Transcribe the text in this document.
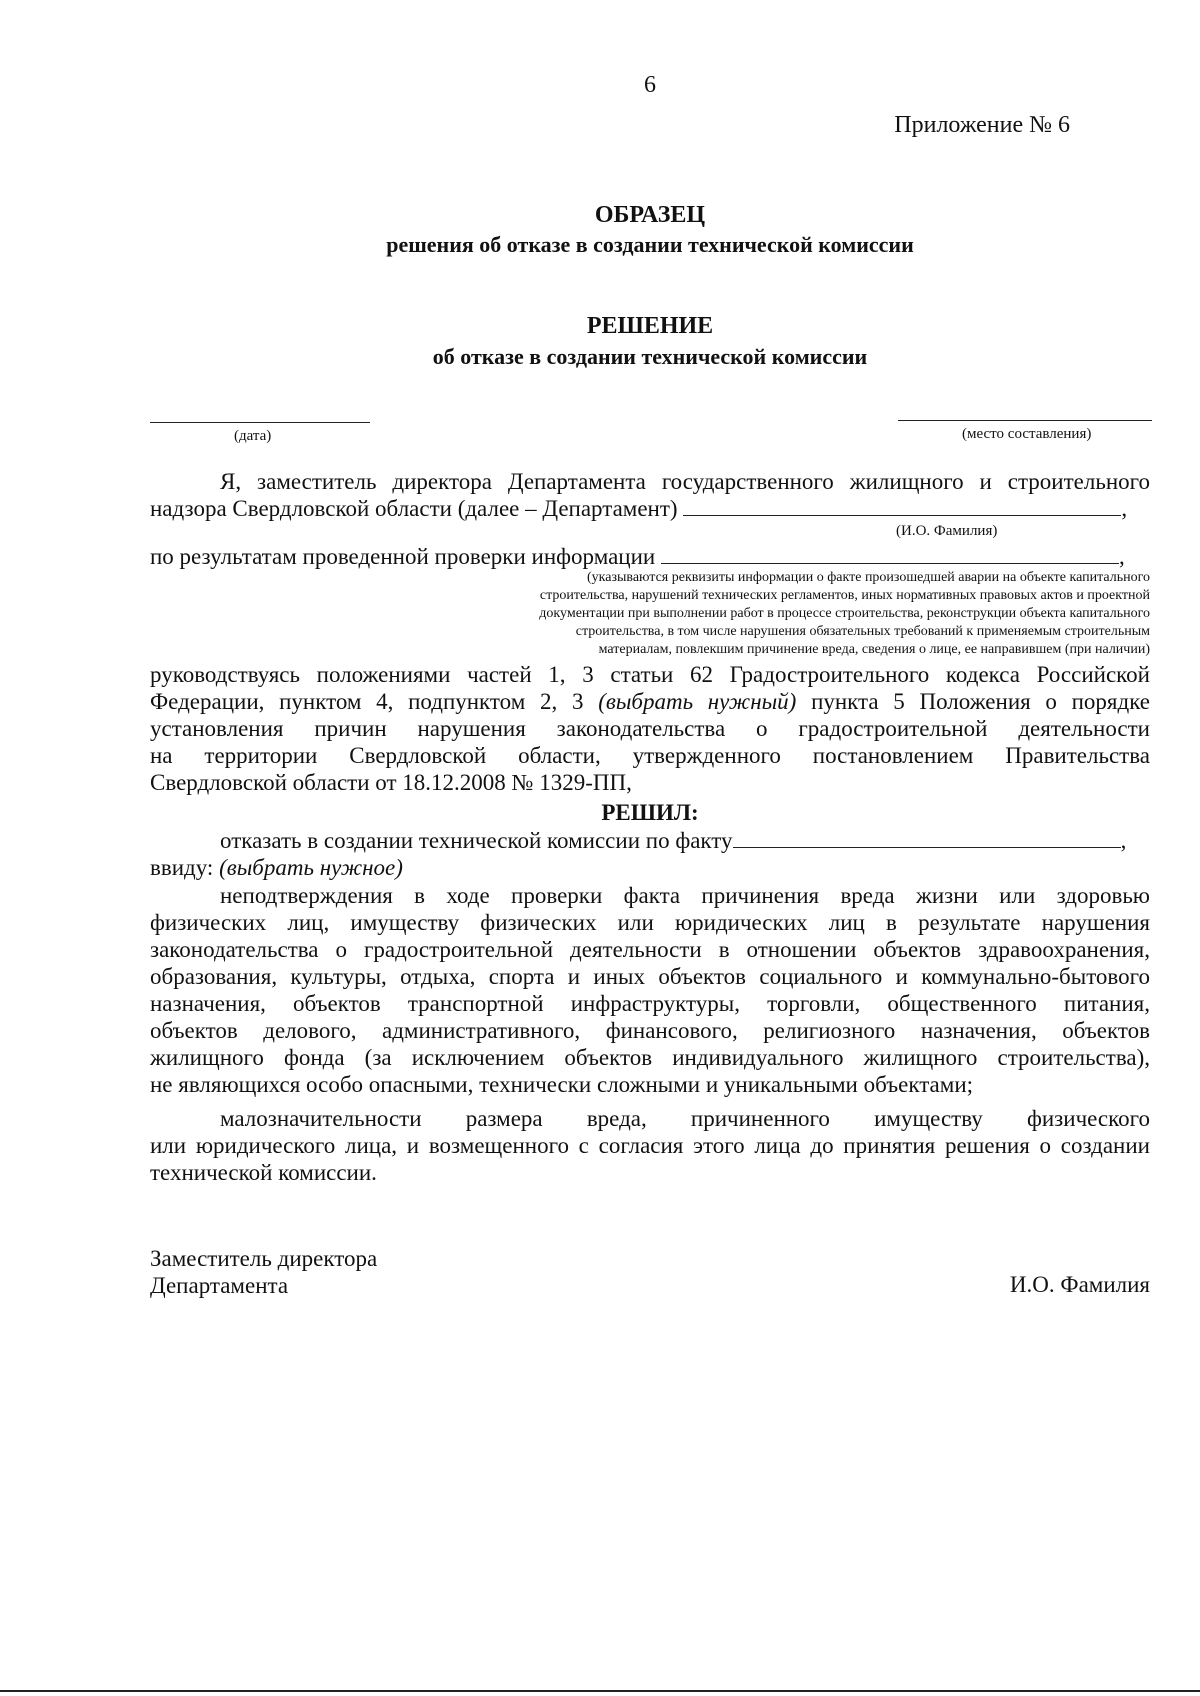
6
Приложение № 6
ОБРАЗЕЦ
решения об отказе в создании технической комиссии
РЕШЕНИЕ
об отказе в создании технической комиссии
(дата)	(место составления)
Я, заместитель директора Департамента государственного жилищного и строительного
надзора Свердловской области (далее – Департамент)	,
(И.О. Фамилия)
по результатам проведенной проверки информации	,
(указываются реквизиты информации о факте произошедшей аварии на объекте капитального
строительства, нарушений технических регламентов, иных нормативных правовых актов и проектной
документации при выполнении работ в процессе строительства, реконструкции объекта капитального
строительства, в том числе нарушения обязательных требований к применяемым строительным
материалам, повлекшим причинение вреда, сведения о лице, ее направившем (при наличии)
руководствуясь положениями частей 1, 3 статьи 62 Градостроительного кодекса Российской
Федерации, пунктом 4, подпунктом 2, 3 (выбрать нужный) пункта 5 Положения о порядке
установления причин нарушения законодательства о градостроительной деятельности
на территории Свердловской области, утвержденного постановлением Правительства
Свердловской области от 18.12.2008 № 1329-ПП,
РЕШИЛ:
отказать в создании технической комиссии по факту	,
ввиду: (выбрать нужное)
неподтверждения в ходе проверки факта причинения вреда жизни или здоровью
физических лиц, имуществу физических или юридических лиц в результате нарушения
законодательства о градостроительной деятельности в отношении объектов здравоохранения,
образования, культуры, отдыха, спорта и иных объектов социального и коммунально-бытового
назначения, объектов транспортной инфраструктуры, торговли, общественного питания,
объектов делового, административного, финансового, религиозного назначения, объектов
жилищного фонда (за исключением объектов индивидуального жилищного строительства),
не являющихся особо опасными, технически сложными и уникальными объектами;
малозначительности размера вреда, причиненного имуществу физического
или юридического лица, и возмещенного с согласия этого лица до принятия решения о создании
технической комиссии.
Заместитель директора
Департамента	И.О. Фамилия
